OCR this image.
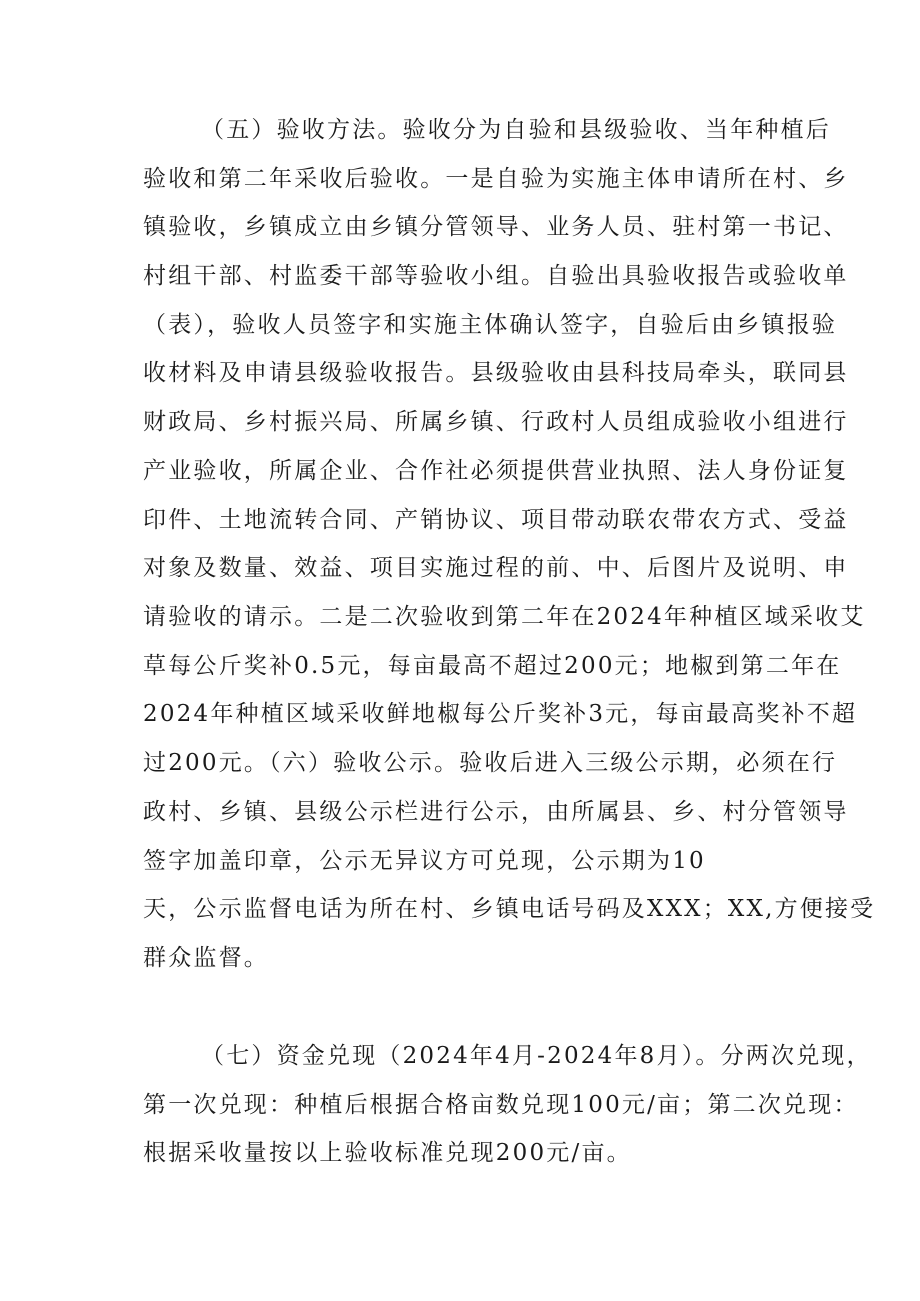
（五）验收方法。验收分为自验和县级验收、当年种植后

验收和第二年采收后验收。一是自验为实施主体申请所在村、乡

镇验收，乡镇成立由乡镇分管领导、业务人员、驻村第一书记、

村组干部、村监委干部等验收小组。自验出具验收报告或验收单

（表），验收人员签字和实施主体确认签字，自验后由乡镇报验

收材料及申请县级验收报告。县级验收由县科技局牵头，联同县

财政局、乡村振兴局、所属乡镇、行政村人员组成验收小组进行

产业验收，所属企业、合作社必须提供营业执照、法人身份证复

印件、土地流转合同、产销协议、项目带动联农带农方式、受益

对象及数量、效益、项目实施过程的前、中、后图片及说明、申

请验收的请示。二是二次验收到第二年在2024年种植区域采收艾

草每公斤奖补0.5元，每亩最高不超过200元；地椒到第二年在

2024年种植区域采收鲜地椒每公斤奖补3元，每亩最高奖补不超

过200元。（六）验收公示。验收后进入三级公示期，必须在行

政村、乡镇、县级公示栏进行公示，由所属县、乡、村分管领导

签字加盖印章，公示无异议方可兑现，公示期为10

天，公示监督电话为所在村、乡镇电话号码及XXX；XX,方便接受

群众监督。

（七）资金兑现（2024年4月-2024年8月）。分两次兑现，

第一次兑现：种植后根据合格亩数兑现100元/亩；第二次兑现：

根据采收量按以上验收标准兑现200元/亩。
